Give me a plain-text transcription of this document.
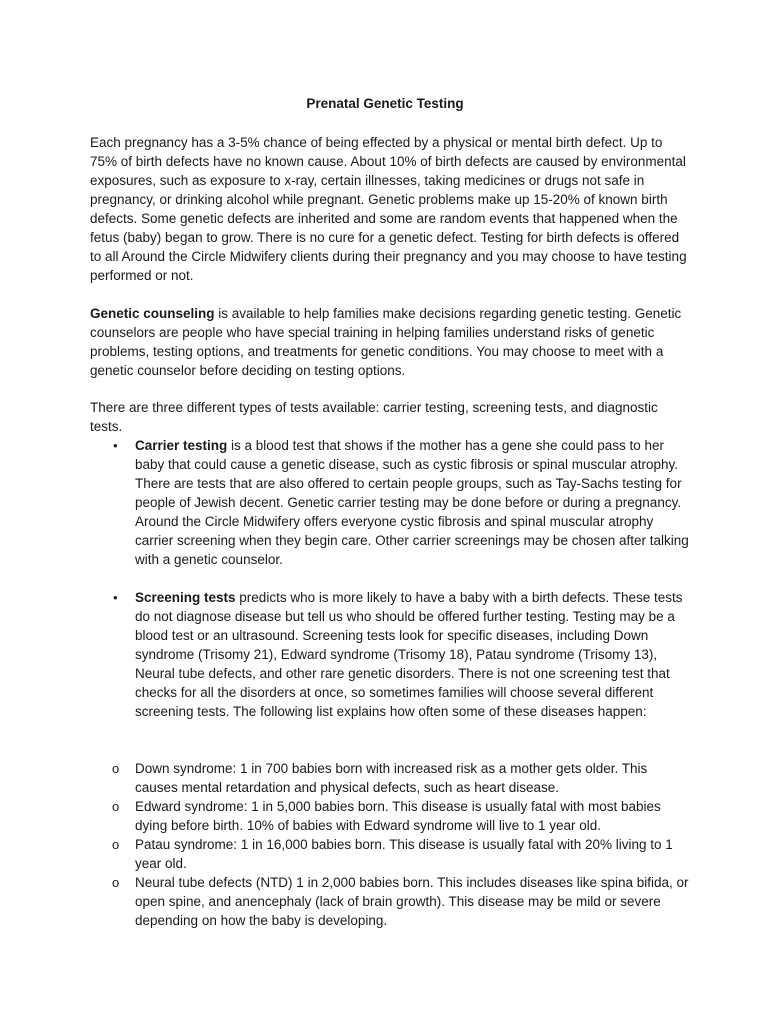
Prenatal Genetic Testing

Each pregnancy has a 3-5% chance of being effected by a physical or mental birth defect. Up to 75% of birth defects have no known cause. About 10% of birth defects are caused by environmental exposures, such as exposure to x-ray, certain illnesses, taking medicines or drugs not safe in pregnancy, or drinking alcohol while pregnant. Genetic problems make up 15-20% of known birth defects. Some genetic defects are inherited and some are random events that happened when the fetus (baby) began to grow. There is no cure for a genetic defect. Testing for birth defects is offered to all Around the Circle Midwifery clients during their pregnancy and you may choose to have testing performed or not.

Genetic counseling is available to help families make decisions regarding genetic testing. Genetic counselors are people who have special training in helping families understand risks of genetic problems, testing options, and treatments for genetic conditions. You may choose to meet with a genetic counselor before deciding on testing options.

There are three different types of tests available: carrier testing, screening tests, and diagnostic tests.

• Carrier testing is a blood test that shows if the mother has a gene she could pass to her baby that could cause a genetic disease, such as cystic fibrosis or spinal muscular atrophy. There are tests that are also offered to certain people groups, such as Tay-Sachs testing for people of Jewish decent. Genetic carrier testing may be done before or during a pregnancy. Around the Circle Midwifery offers everyone cystic fibrosis and spinal muscular atrophy carrier screening when they begin care. Other carrier screenings may be chosen after talking with a genetic counselor.

• Screening tests predicts who is more likely to have a baby with a birth defects. These tests do not diagnose disease but tell us who should be offered further testing. Testing may be a blood test or an ultrasound. Screening tests look for specific diseases, including Down syndrome (Trisomy 21), Edward syndrome (Trisomy 18), Patau syndrome (Trisomy 13), Neural tube defects, and other rare genetic disorders. There is not one screening test that checks for all the disorders at once, so sometimes families will choose several different screening tests. The following list explains how often some of these diseases happen:

o Down syndrome: 1 in 700 babies born with increased risk as a mother gets older. This causes mental retardation and physical defects, such as heart disease.

o Edward syndrome: 1 in 5,000 babies born. This disease is usually fatal with most babies dying before birth. 10% of babies with Edward syndrome will live to 1 year old.

o Patau syndrome: 1 in 16,000 babies born. This disease is usually fatal with 20% living to 1 year old.

o Neural tube defects (NTD) 1 in 2,000 babies born. This includes diseases like spina bifida, or open spine, and anencephaly (lack of brain growth). This disease may be mild or severe depending on how the baby is developing.
